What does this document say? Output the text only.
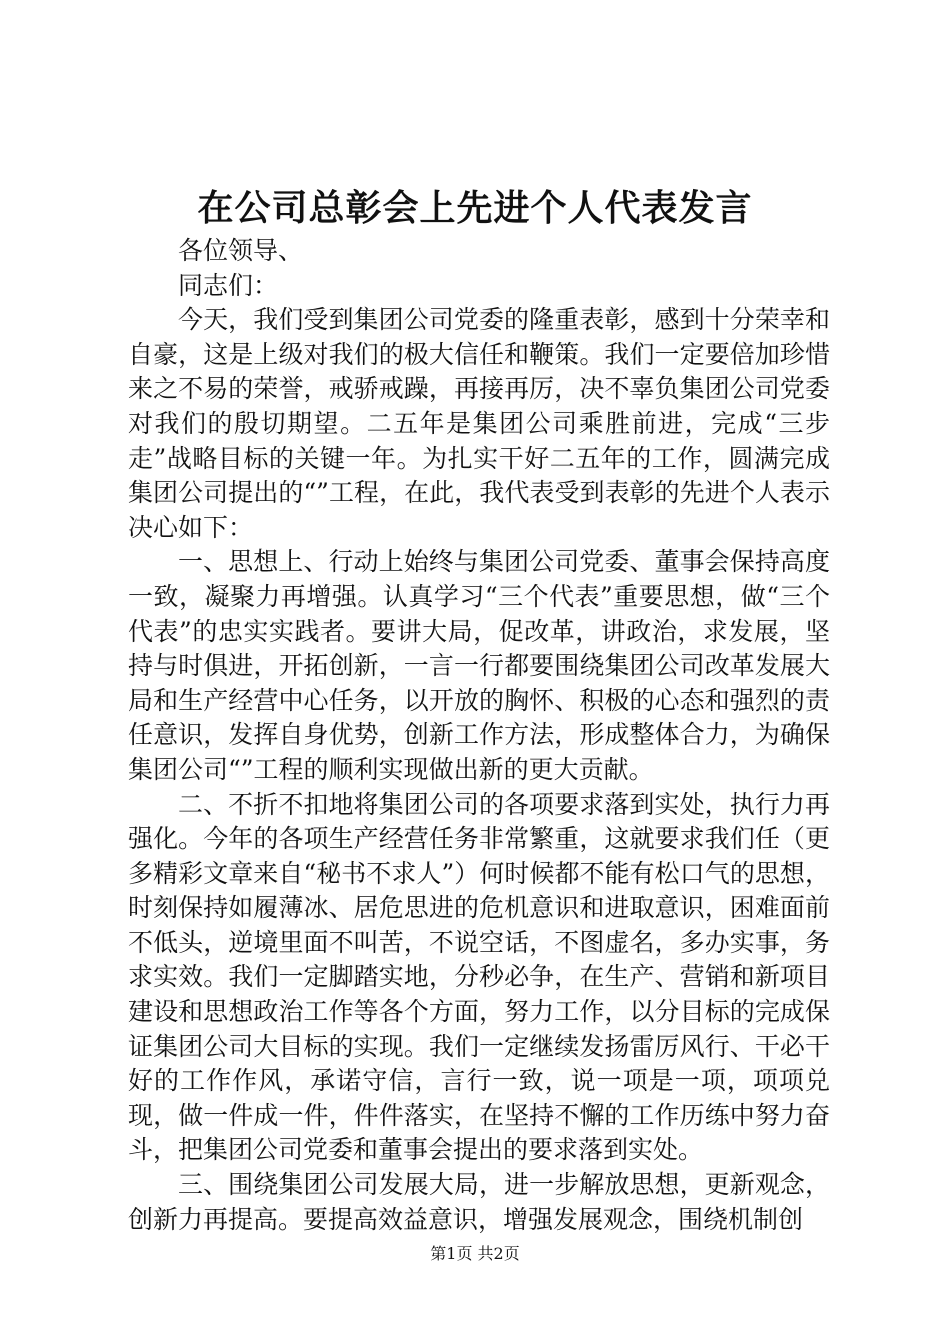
在公司总彰会上先进个人代表发言

各位领导、

同志们：

今天，我们受到集团公司党委的隆重表彰，感到十分荣幸和自豪，这是上级对我们的极大信任和鞭策。我们一定要倍加珍惜来之不易的荣誉，戒骄戒躁，再接再厉，决不辜负集团公司党委对我们的殷切期望。二五年是集团公司乘胜前进，完成“三步走”战略目标的关键一年。为扎实干好二五年的工作，圆满完成集团公司提出的“”工程，在此，我代表受到表彰的先进个人表示决心如下：

一、思想上、行动上始终与集团公司党委、董事会保持高度一致，凝聚力再增强。认真学习“三个代表”重要思想，做“三个代表”的忠实实践者。要讲大局，促改革，讲政治，求发展，坚持与时俱进，开拓创新，一言一行都要围绕集团公司改革发展大局和生产经营中心任务，以开放的胸怀、积极的心态和强烈的责任意识，发挥自身优势，创新工作方法，形成整体合力，为确保集团公司“”工程的顺利实现做出新的更大贡献。

二、不折不扣地将集团公司的各项要求落到实处，执行力再强化。今年的各项生产经营任务非常繁重，这就要求我们任（更多精彩文章来自“秘书不求人”）何时候都不能有松口气的思想，时刻保持如履薄冰、居危思进的危机意识和进取意识，困难面前不低头，逆境里面不叫苦，不说空话，不图虚名，多办实事，务求实效。我们一定脚踏实地，分秒必争，在生产、营销和新项目建设和思想政治工作等各个方面，努力工作，以分目标的完成保证集团公司大目标的实现。我们一定继续发扬雷厉风行、干必干好的工作作风，承诺守信，言行一致，说一项是一项，项项兑现，做一件成一件，件件落实，在坚持不懈的工作历练中努力奋斗，把集团公司党委和董事会提出的要求落到实处。

三、围绕集团公司发展大局，进一步解放思想，更新观念，创新力再提高。要提高效益意识，增强发展观念，围绕机制创

第1页 共2页
